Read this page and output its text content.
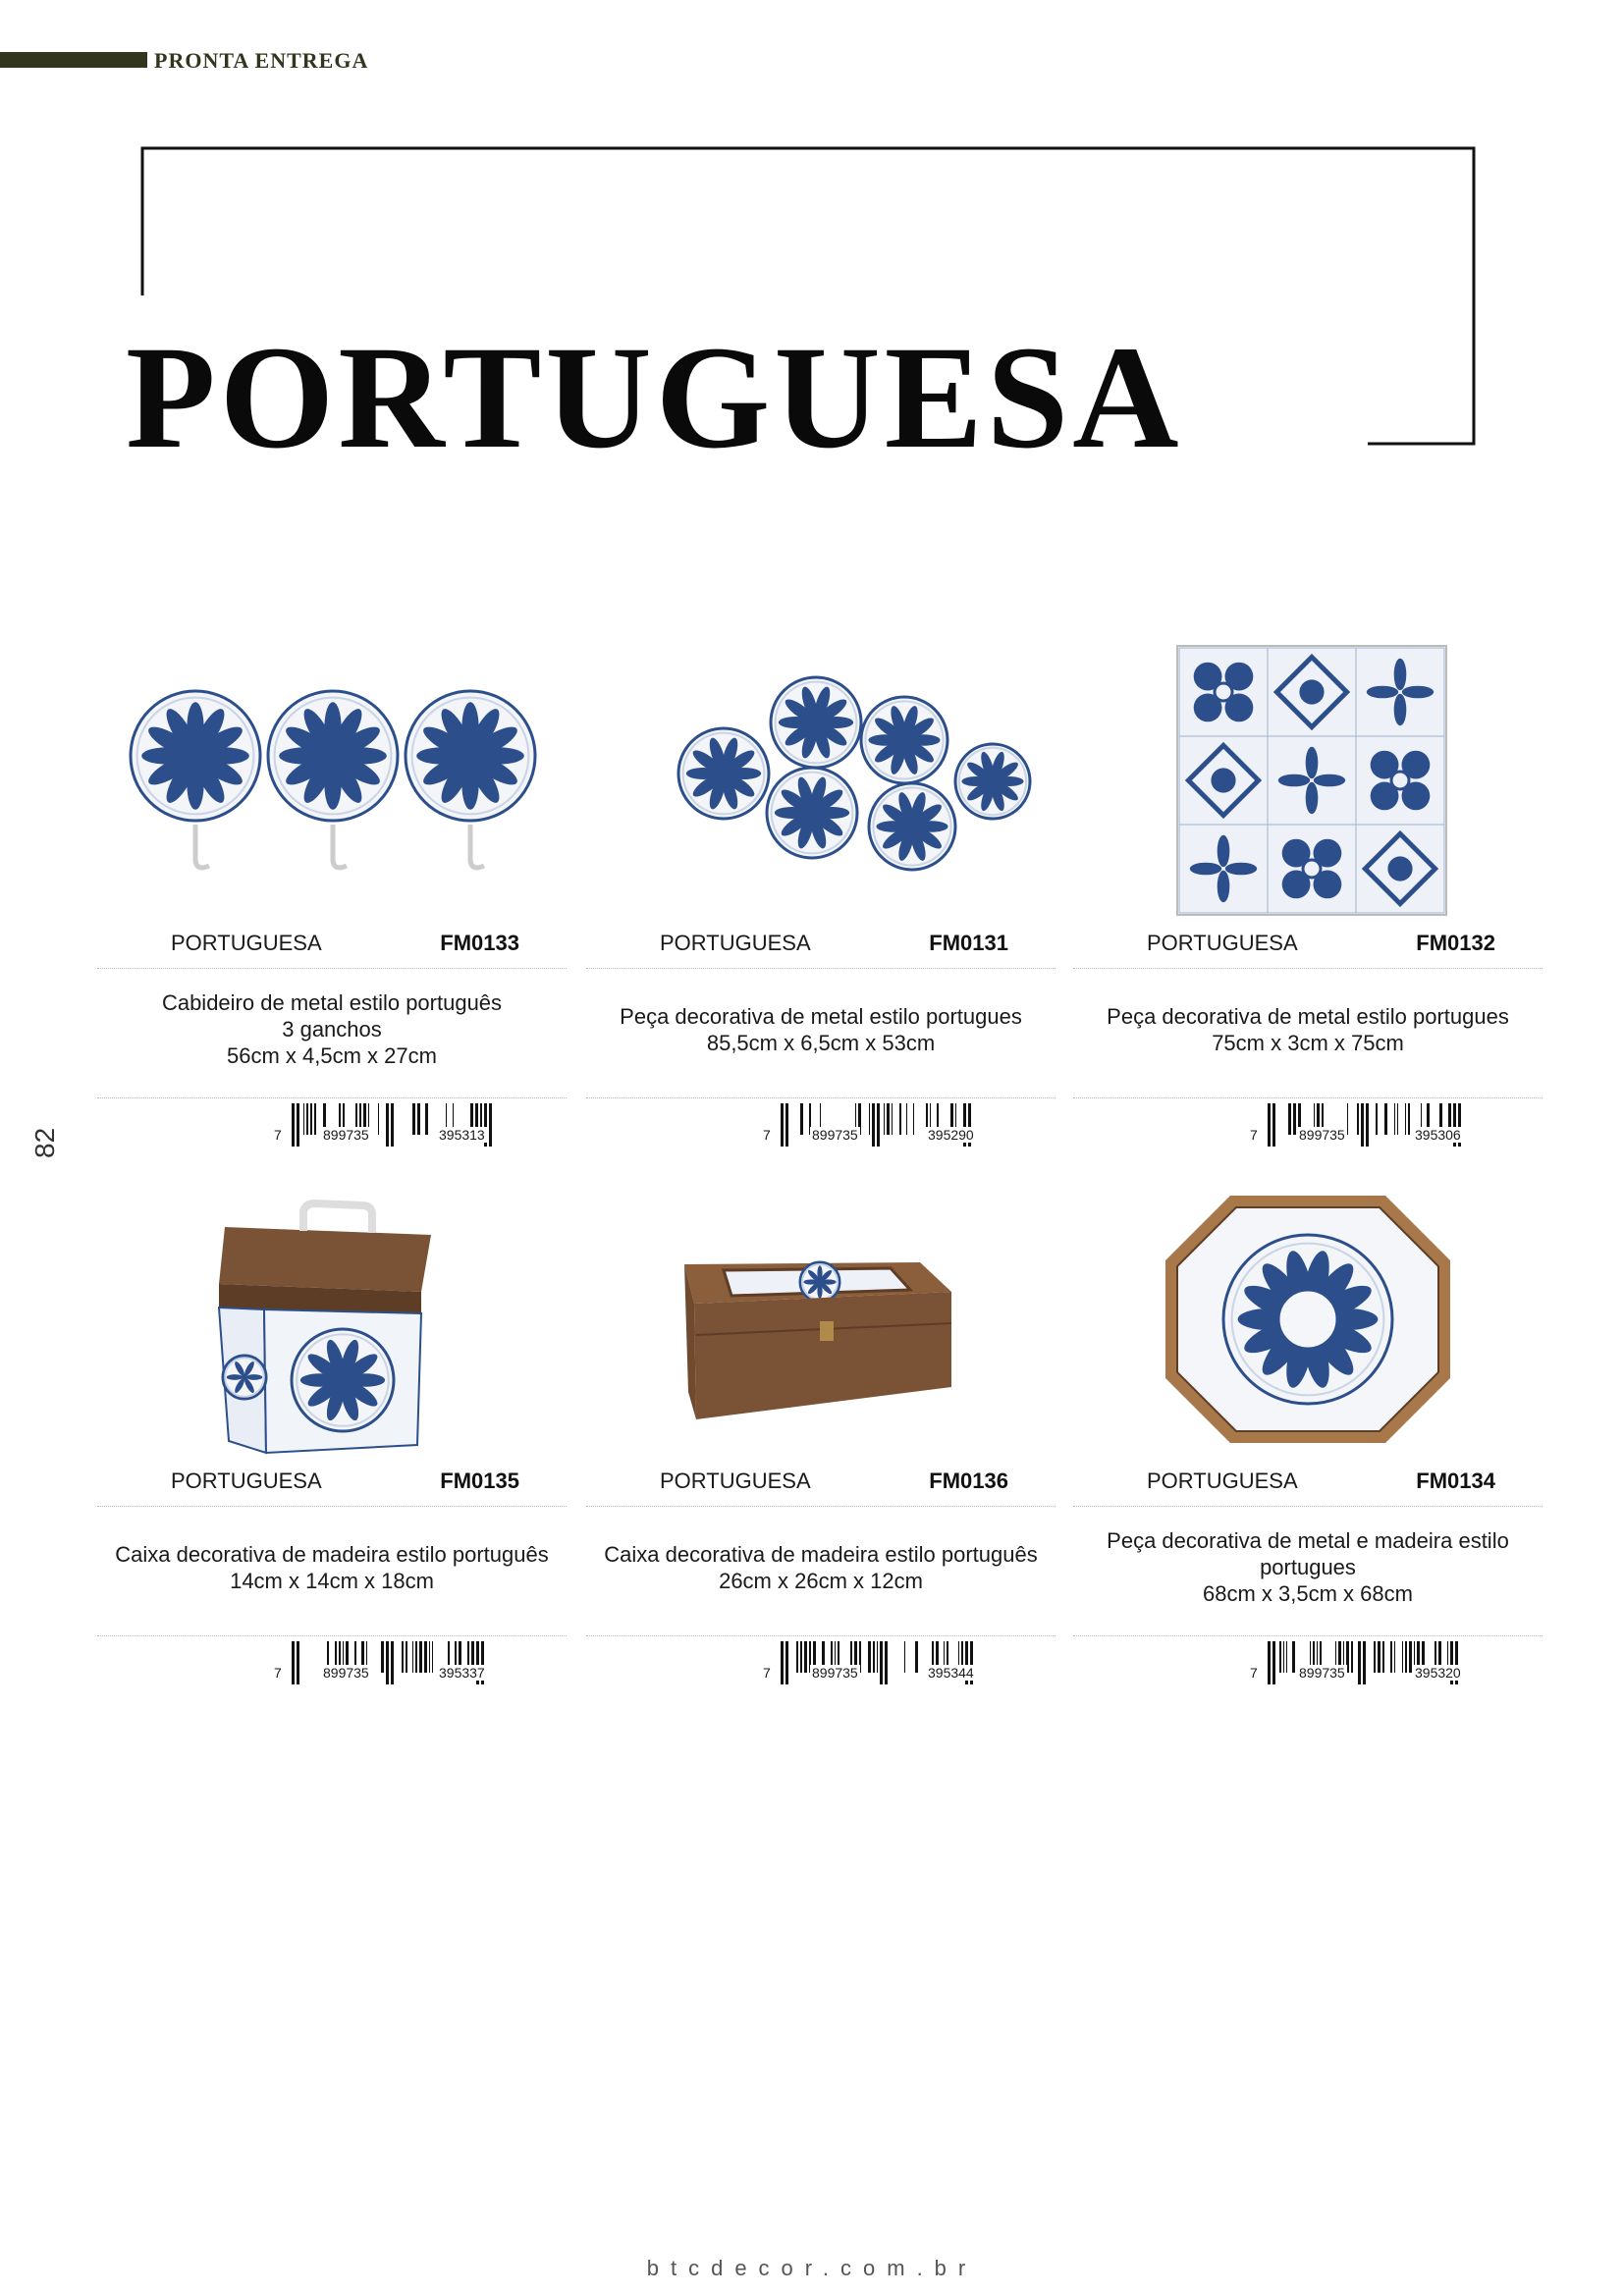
PRONTA ENTREGA
PORTUGUESA
82
PORTUGUESA	FM0133
Cabideiro de metal estilo português
3 ganchos
56cm x 4,5cm x 27cm
7	899735	395313
PORTUGUESA	FM0131
Peça decorativa de metal estilo portugues
85,5cm x 6,5cm x 53cm
7	899735	395290
PORTUGUESA	FM0132
Peça decorativa de metal estilo portugues
75cm x 3cm x 75cm
7	899735	395306
PORTUGUESA	FM0135
Caixa decorativa de madeira estilo português
14cm x 14cm x 18cm
7	899735	395337
PORTUGUESA	FM0136
Caixa decorativa de madeira estilo português
26cm x 26cm x 12cm
7	899735	395344
PORTUGUESA	FM0134
Peça decorativa de metal e madeira estilo
portugues
68cm x 3,5cm x 68cm
7	899735	395320
btcdecor.com.br
